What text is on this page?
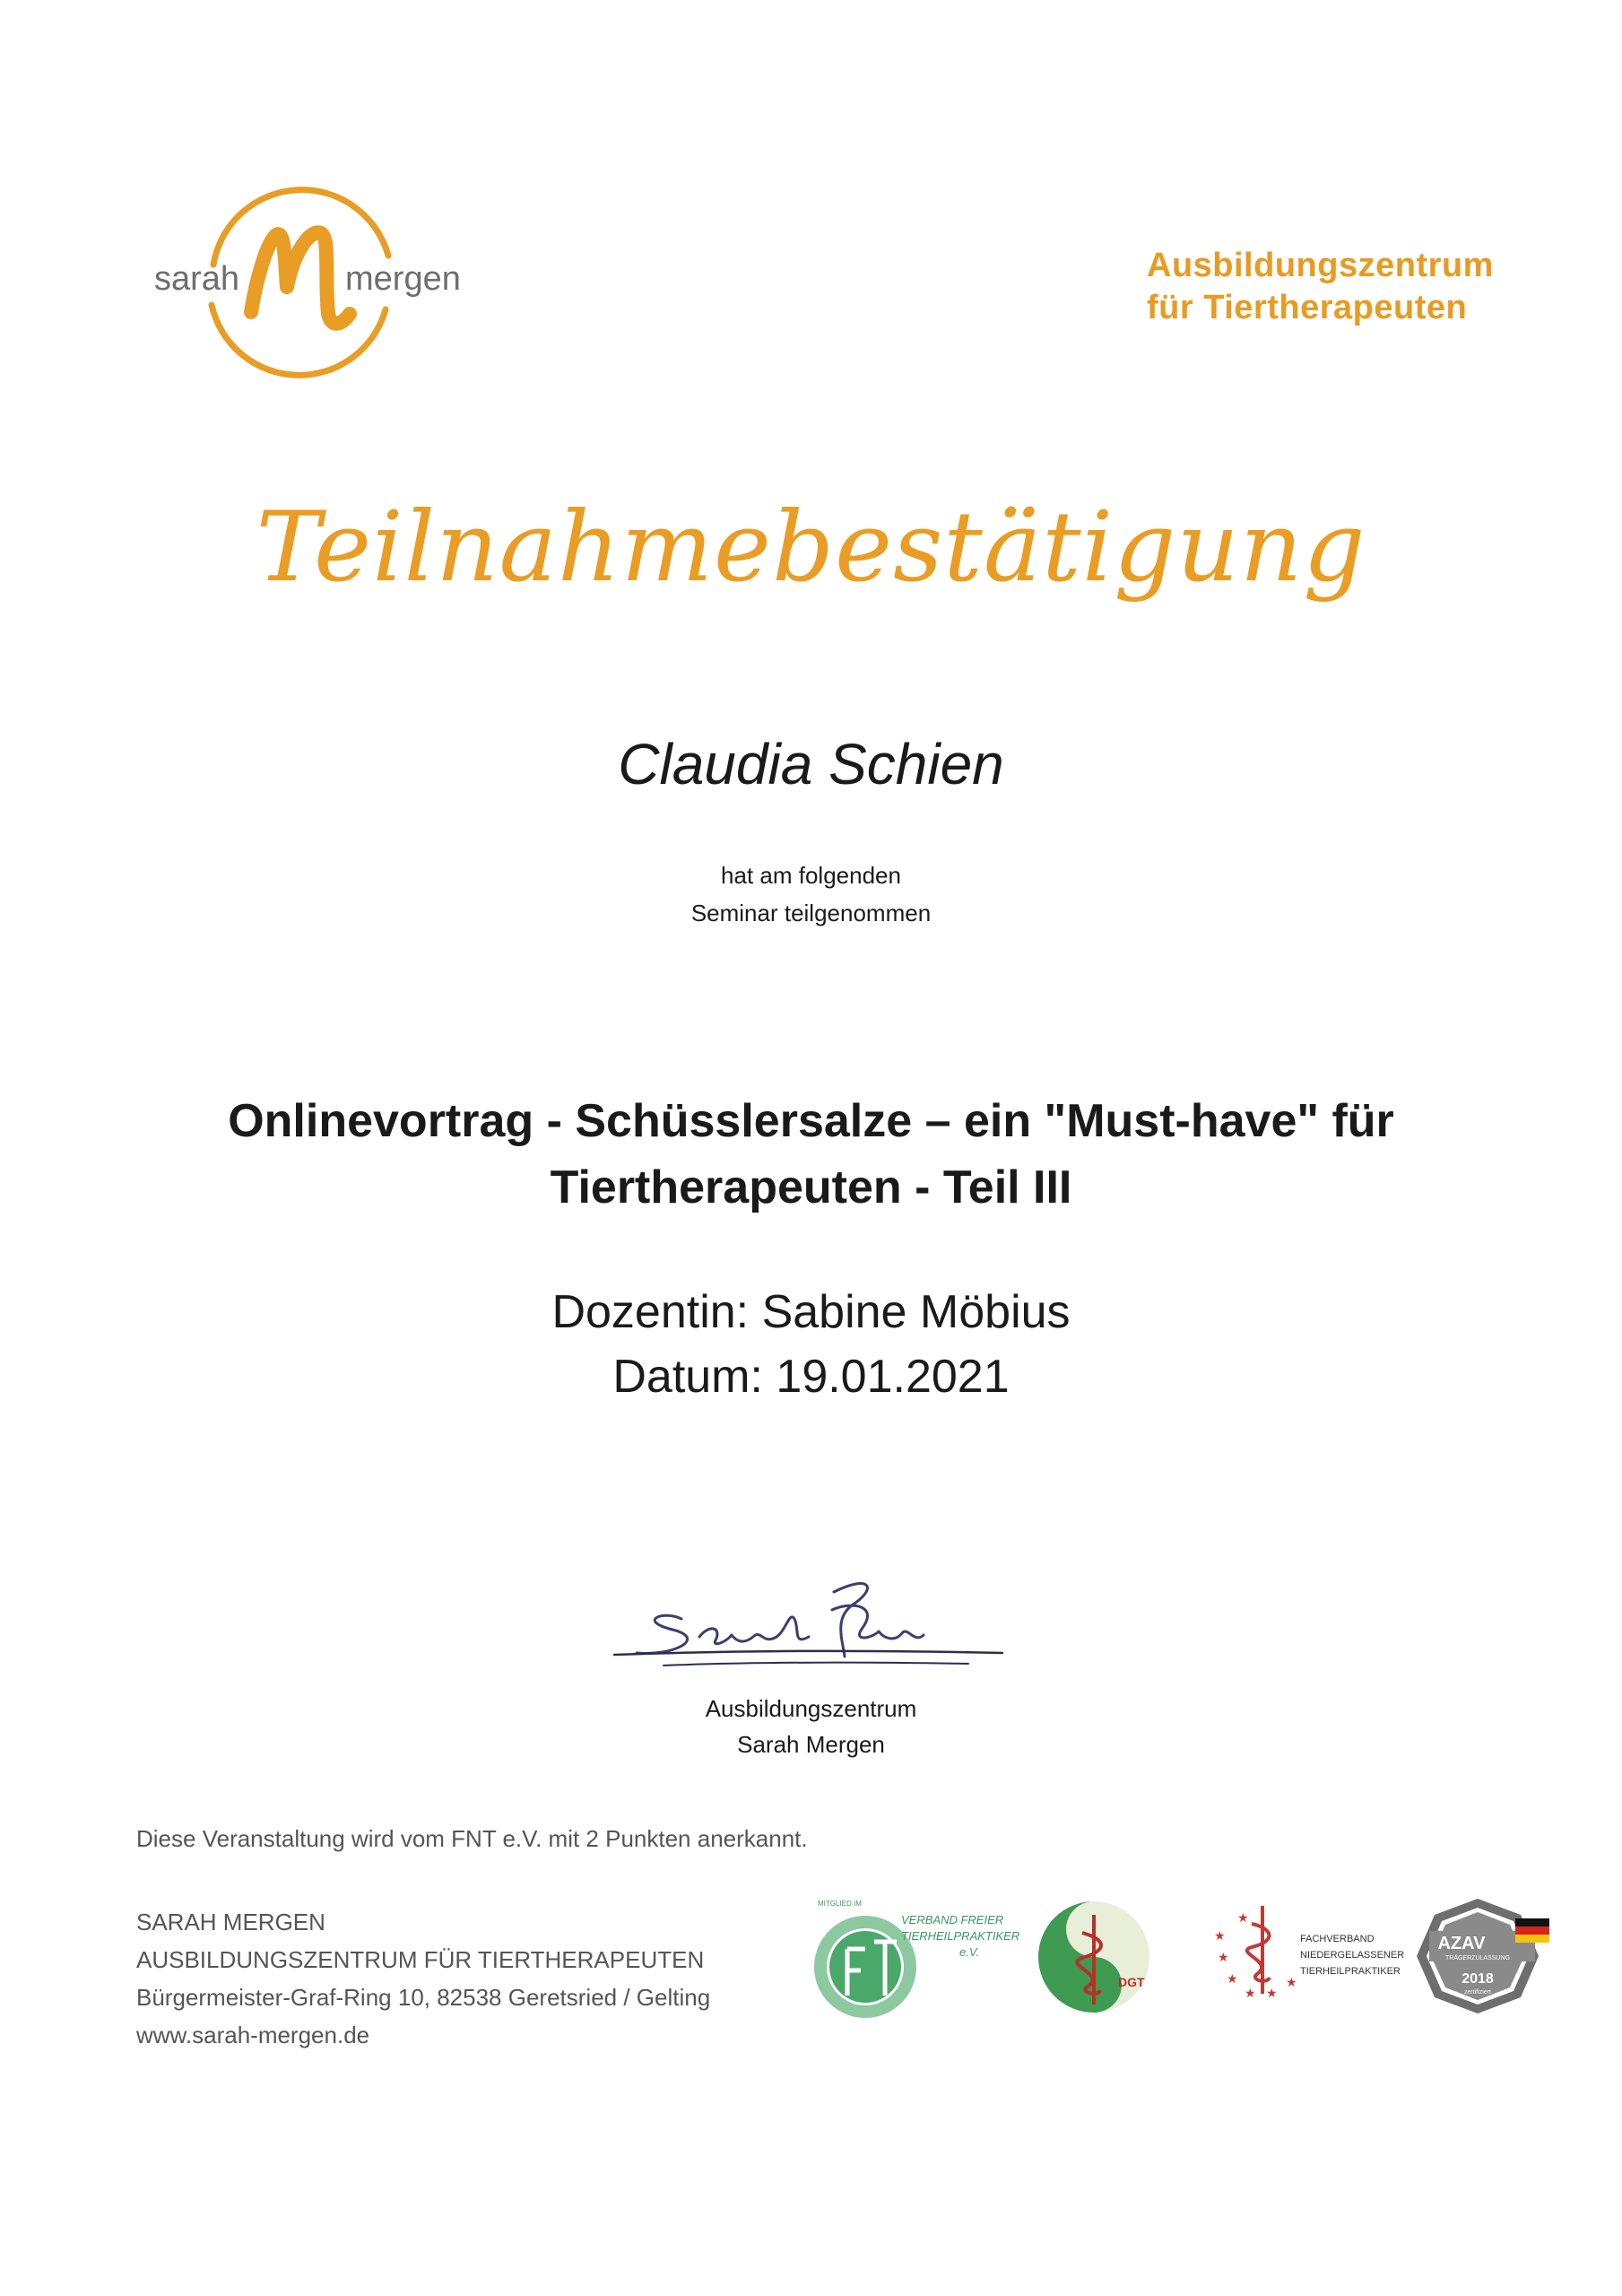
sarah	mergen	Ausbildungszentrum
für Tiertherapeuten
Teilnahmebestätigung
Claudia Schien
hat am folgenden
Seminar teilgenommen
Onlinevortrag - Schüsslersalze – ein "Must-have" für
Tiertherapeuten - Teil III
Dozentin: Sabine Möbius
Datum: 19.01.2021
Ausbildungszentrum
Sarah Mergen
Diese Veranstaltung wird vom FNT e.V. mit 2 Punkten anerkannt.
SARAH MERGEN
AUSBILDUNGSZENTRUM FÜR TIERTHERAPEUTEN
Bürgermeister-Graf-Ring 10, 82538 Geretsried / Gelting
www.sarah-mergen.de
MITGLIED IM
VERBAND FREIER
TIERHEILPRAKTIKER
e.V.
DGT
★
★
★
★ ★
★
★
FACHVERBAND
NIEDERGELASSENER
TIERHEILPRAKTIKER
AZAV
TRÄGERZULASSUNG
2018
zertifiziert
